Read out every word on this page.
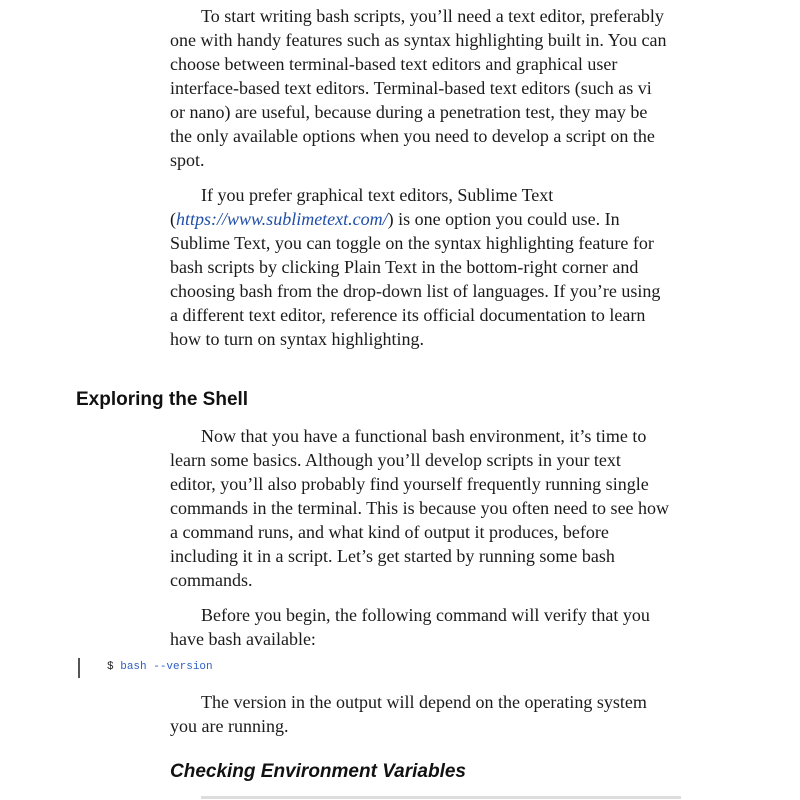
To start writing bash scripts, you’ll need a text editor, preferably
one with handy features such as syntax highlighting built in. You can
choose between terminal-based text editors and graphical user
interface-based text editors. Terminal-based text editors (such as vi
or nano) are useful, because during a penetration test, they may be
the only available options when you need to develop a script on the
spot.

If you prefer graphical text editors, Sublime Text
(https://www.sublimetext.com/) is one option you could use. In
Sublime Text, you can toggle on the syntax highlighting feature for
bash scripts by clicking Plain Text in the bottom-right corner and
choosing bash from the drop-down list of languages. If you’re using
a different text editor, reference its official documentation to learn
how to turn on syntax highlighting.

Exploring the Shell

Now that you have a functional bash environment, it’s time to
learn some basics. Although you’ll develop scripts in your text
editor, you’ll also probably find yourself frequently running single
commands in the terminal. This is because you often need to see how
a command runs, and what kind of output it produces, before
including it in a script. Let’s get started by running some bash
commands.

Before you begin, the following command will verify that you
have bash available:

$ bash --version

The version in the output will depend on the operating system
you are running.

Checking Environment Variables
